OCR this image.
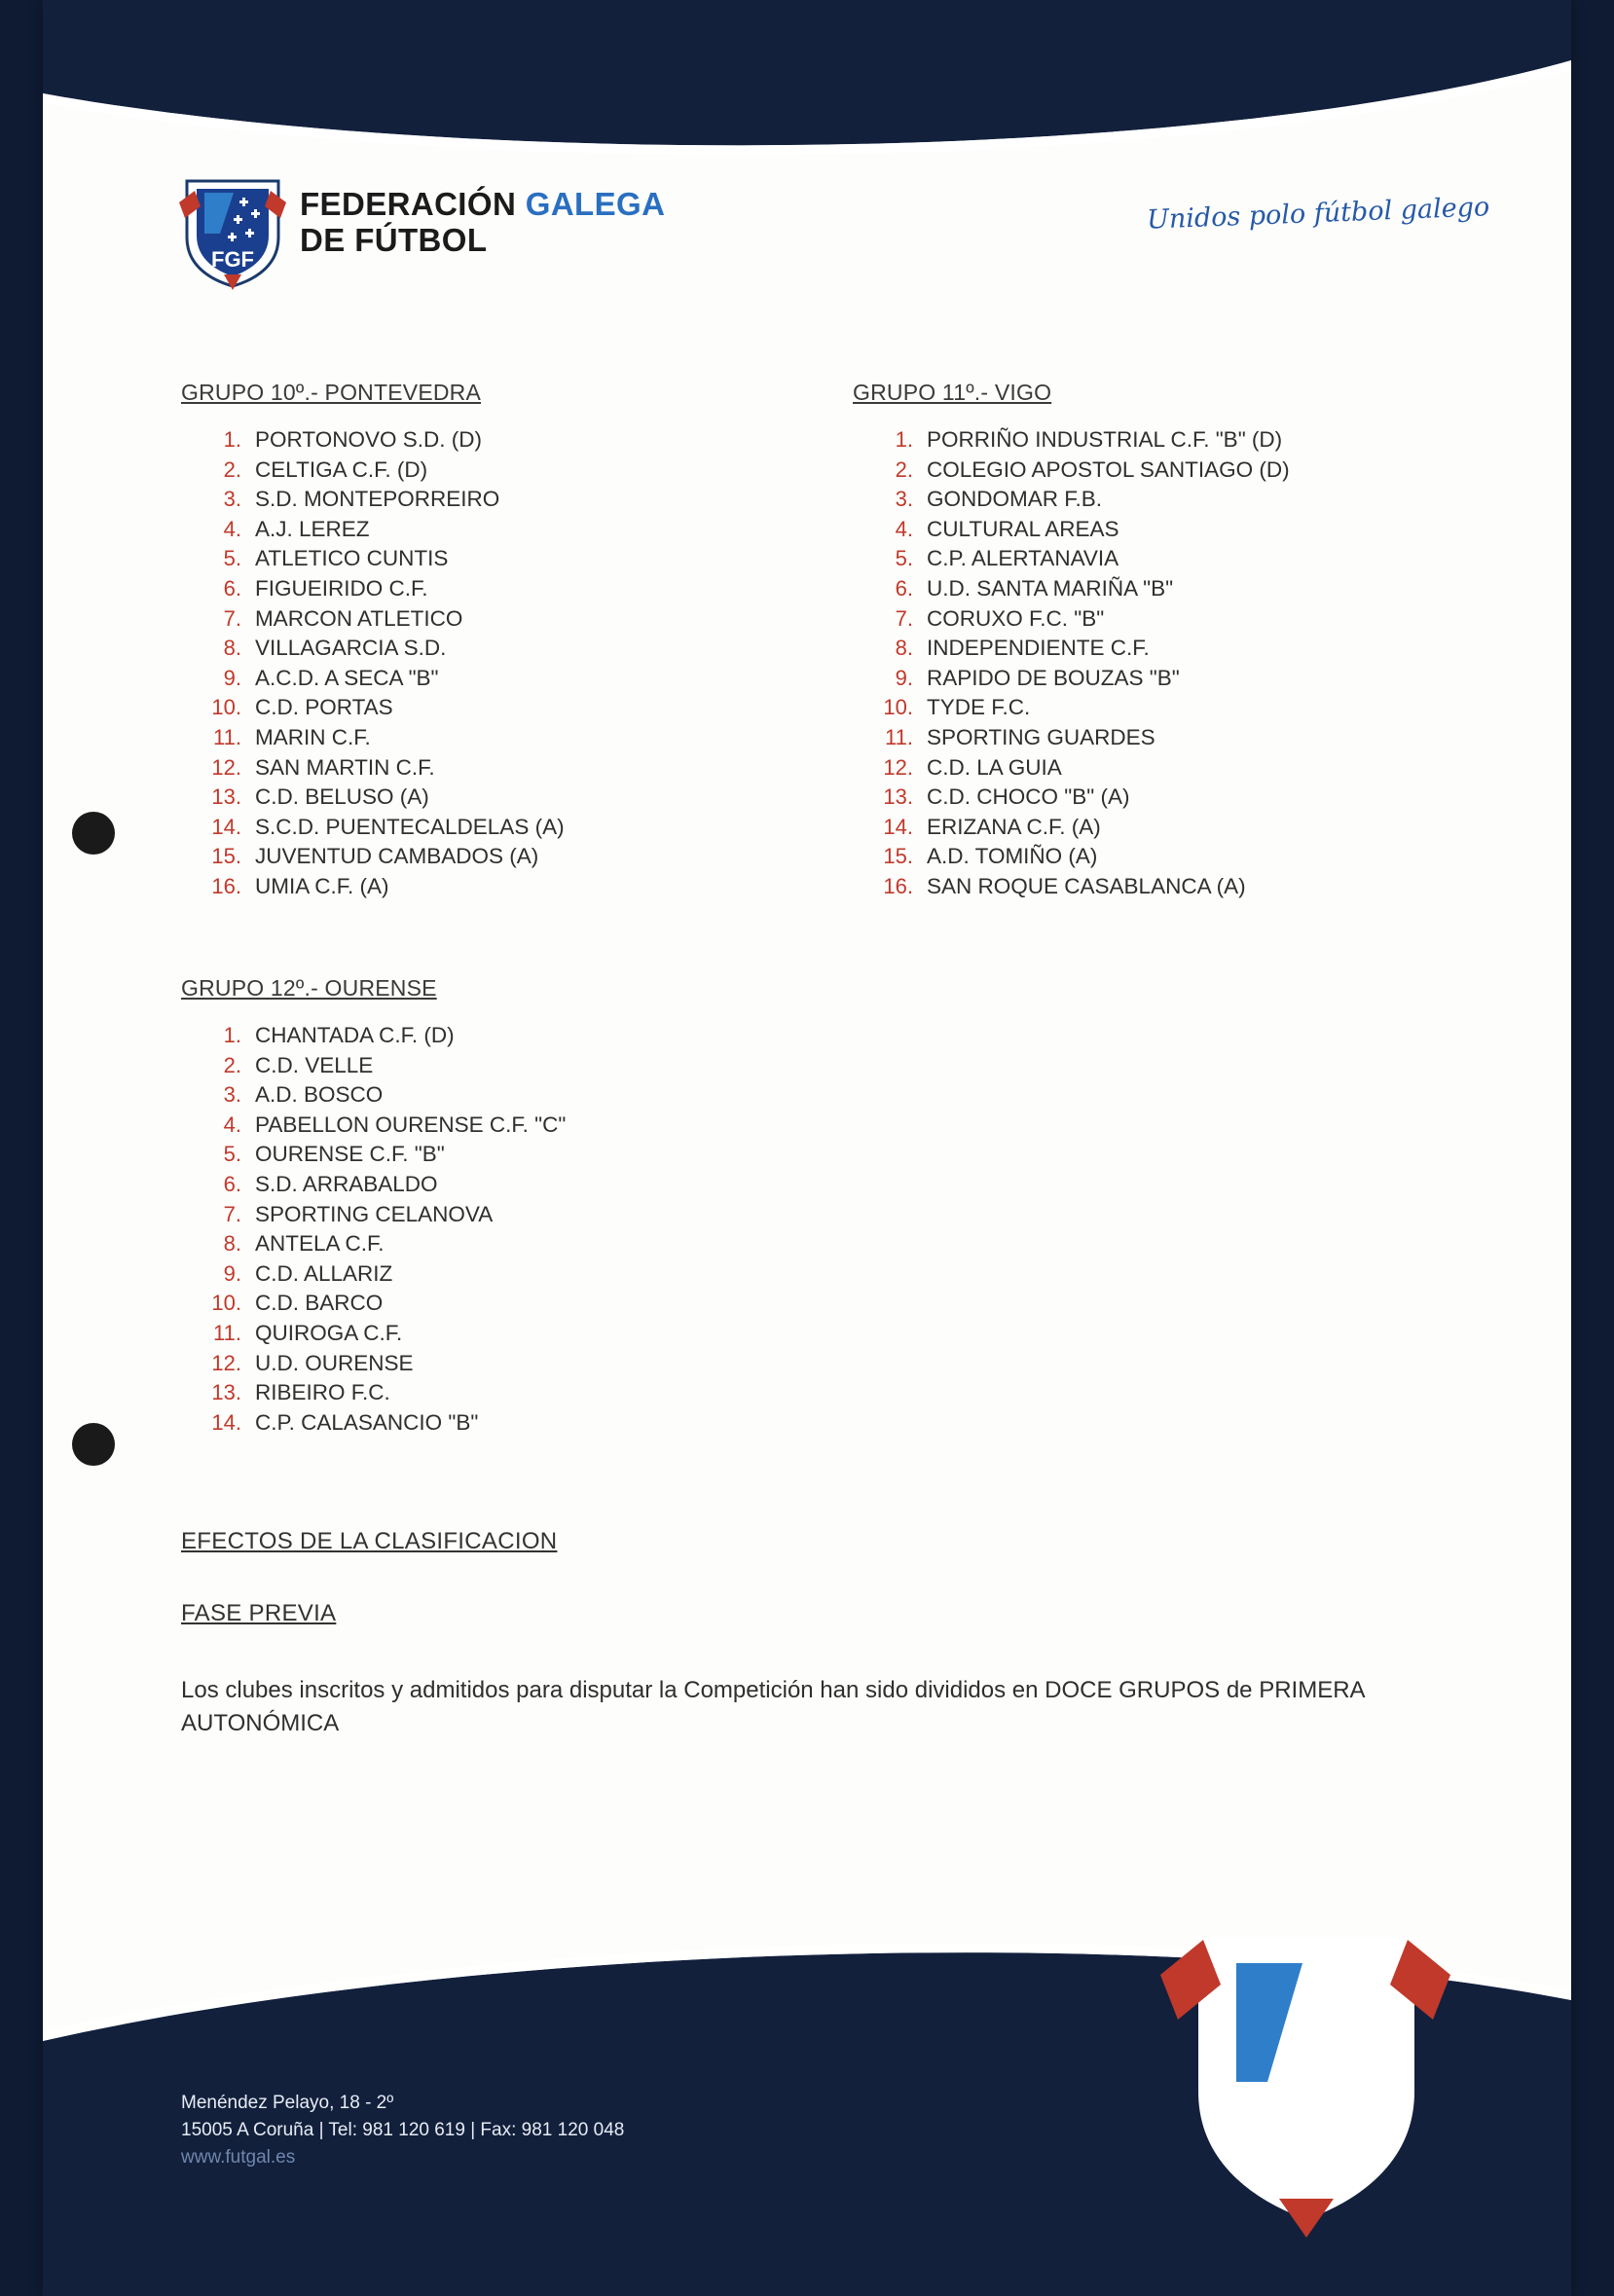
FGF
FEDERACIÓN GALEGA
DE FÚTBOL
Unidos polo fútbol galego
GRUPO 10º.- PONTEVEDRA
1. PORTONOVO S.D. (D)
2. CELTIGA C.F. (D)
3. S.D. MONTEPORREIRO
4. A.J. LEREZ
5. ATLETICO CUNTIS
6. FIGUEIRIDO C.F.
7. MARCON ATLETICO
8. VILLAGARCIA S.D.
9. A.C.D. A SECA "B"
10. C.D. PORTAS
11. MARIN C.F.
12. SAN MARTIN C.F.
13. C.D. BELUSO (A)
14. S.C.D. PUENTECALDELAS (A)
15. JUVENTUD CAMBADOS (A)
16. UMIA C.F. (A)
GRUPO 11º.- VIGO
1. PORRIÑO INDUSTRIAL C.F. "B" (D)
2. COLEGIO APOSTOL SANTIAGO (D)
3. GONDOMAR F.B.
4. CULTURAL AREAS
5. C.P. ALERTANAVIA
6. U.D. SANTA MARIÑA "B"
7. CORUXO F.C. "B"
8. INDEPENDIENTE C.F.
9. RAPIDO DE BOUZAS "B"
10. TYDE F.C.
11. SPORTING GUARDES
12. C.D. LA GUIA
13. C.D. CHOCO "B" (A)
14. ERIZANA C.F. (A)
15. A.D. TOMIÑO (A)
16. SAN ROQUE CASABLANCA (A)
GRUPO 12º.- OURENSE
1. CHANTADA C.F. (D)
2. C.D. VELLE
3. A.D. BOSCO
4. PABELLON OURENSE C.F. "C"
5. OURENSE C.F. "B"
6. S.D. ARRABALDO
7. SPORTING CELANOVA
8. ANTELA C.F.
9. C.D. ALLARIZ
10. C.D. BARCO
11. QUIROGA C.F.
12. U.D. OURENSE
13. RIBEIRO F.C.
14. C.P. CALASANCIO "B"
EFECTOS DE LA CLASIFICACION
FASE PREVIA
Los clubes inscritos y admitidos para disputar la Competición han sido divididos en DOCE GRUPOS de PRIMERA AUTONÓMICA
Menéndez Pelayo, 18 - 2º
15005 A Coruña | Tel: 981 120 619 | Fax: 981 120 048
www.futgal.es	FGF
